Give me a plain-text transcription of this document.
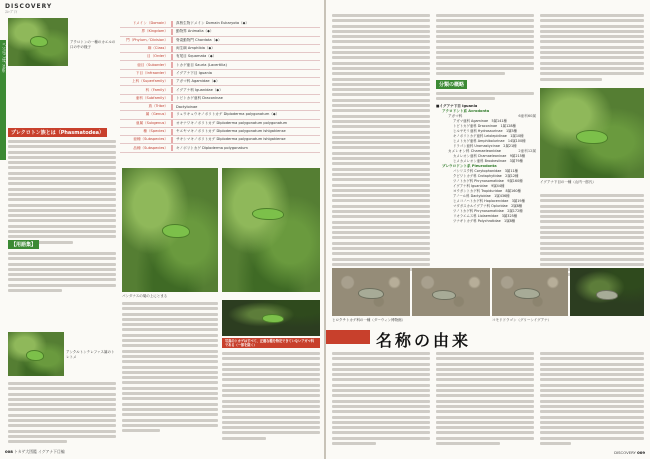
DISCOVERY
ｽｺｰﾌﾟｱｲ
ﾊﾞｼﾘｽｸ ｱｵｶﾞｴﾙ系
アクロトンの一種のカエルの口の中の様子
ドメイン（Domain）	真核生物ドメイン Domain Eukaryota（◆）
界（Kingdom）	動物界 Animalia（◆）
門（Phylum／Division）	脊索動物門 Chordata（◆）
綱（Class）	両生綱 Amphibia（◆）
目（Order）	有尾目 Squamata（◆）
亜目（Suborder）	トカゲ亜目 Sauria (Lacertilia)
下目（Infraorder）	イグアナ下目 Iguania
上科（Superfamily）	アガマ科 Agamidae（◆）
科（Family）	イグアナ科 Iguanidae（◆）
亜科（Subfamily）	トビトカゲ亜科 Draconinae
族（Tribe）	Dactyloinae
属（Genus）	リュウキュウキノボリトカゲ Diploderma polygonatum（◆）
亜属（Subgenus）	オキナワキノボリトカゲ Diploderma polygonatum polygonatum
種（Species）	ヤエヤマキノボリトカゲ Diploderma polygonatum ishigakiense
亜種（Subspecies）	サキシマキノボリトカゲ Diploderma polygonatum ishigakiense
品種（Subspecies）	キノボリトカゲ Diploderma polygonatum
プレクロトン族とは（Phasmatodea）
【用語集】
パンダナスの葉の上にとまる
アンクルトンテレファス属のトレトメ
写真のトカゲはすべて、正確な種を特定できていないアガマ科である（一部を除く）
008 トカゲ大図鑑 イグアナ下目編
分類の概略
■イグアナ下目 Iguania
アクロドント系 Acrodonta
アガマ科	6亜科60属
アガマ亜科 Agaminae　5属141種
トビトカゲ亜科 Draconinae　1属128種
ヒルヤモリ亜科 Hydrosaurinae　1属5種
キノボリトカゲ亜科 Leiolepidinae　1属10種
ヒメトカゲ亜科 Amphibolurinae　14属100種
ドラゴン亜科 Uromastycinae　2属21種
カメレオン科 Chamaeleonidae	2亜科12属
カメレオン亜科 Chamaeleoninae　9属215種
ヒメカメレオン亜科 Brookesiinae　3属79種
プレウロドント系 Pleurodonta
バシリスク科 Corytophanidae　3属11種
クビワトカゲ科 Crotaphytidae　2属12種
ツノトカゲ科 Phrynosomatidae　9属160種
イグアナ科 Iguanidae　9属44種
ヨウガントカゲ科 Tropiduridae　8属160種
アノール科 Dactyloidae　1属436種
ヒメコノハトカゲ科 Hoplocercidae　3属19種
マダガスカルイグアナ科 Opluridae　2属8種
ツノトカゲ科 Phrynosomatidae　2属172種
リオラエムス科 Liolaemidae　3属325種
ツナギトカゲ科 Polychrotidae　1属8種
イグアナ下目の一種（山内一郎氏）
ヒロクチトカゲ科の一種（ダーウィン博物館）	コモドドラゴン（グリーンイグアナ）
名称の由来
DISCOVERY 009
